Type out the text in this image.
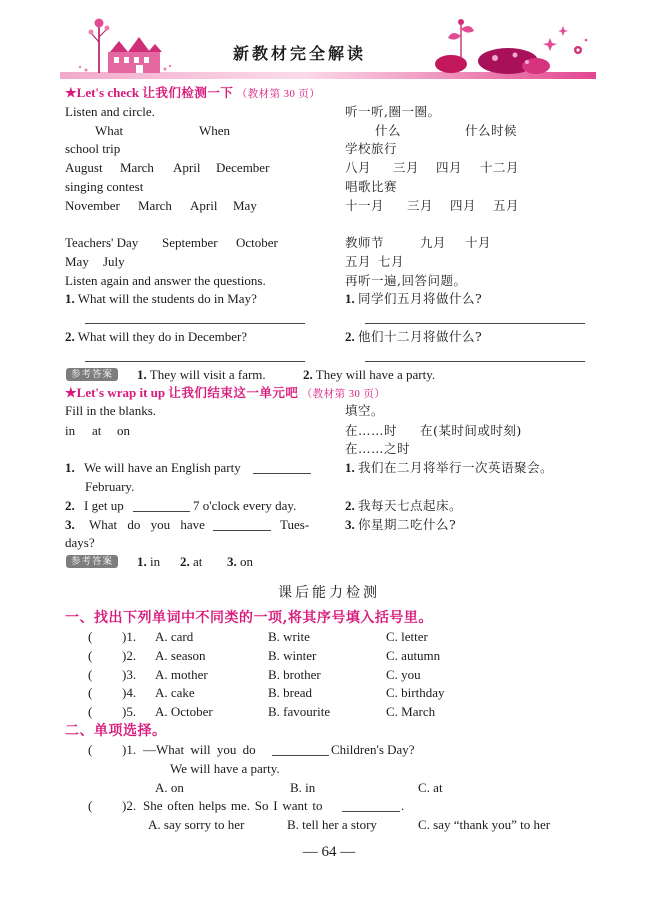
新教材完全解读
★Let's check 让我们检测一下 （教材第 30 页）
Listen and circle.	听一听,圈一圈。
What	When	什么	什么时候
school trip	学校旅行
August March April December	八月 三月 四月 十二月
singing contest	唱歌比赛
November March April May	十一月 三月 四月 五月
Teachers' Day September October	教师节	九月 十月
May July	五月 七月
Listen again and answer the questions.	再听一遍,回答问题。
1. What will the students do in May?	1. 同学们五月将做什么?
2. What will they do in December?	2. 他们十二月将做什么?
参考答案	1. They will visit a farm.	2. They will have a party.
★Let's wrap it up 让我们结束这一单元吧 （教材第 30 页）
Fill in the blanks.	填空。
in at on	在……时 在(某时间或时刻)
在……之时
1. We will have an English party
February.
1. 我们在二月将举行一次英语聚会。
2. I get up	7 o'clock every day.	2. 我每天七点起床。
3. What do you have	Tues-
days?
3. 你星期二吃什么?
参考答案	1. in 2. at 3. on
课后能力检测
一、找出下列单词中不同类的一项,将其序号填入括号里。
( )1. A. card	B. write	C. letter
( )2. A. season	B. winter	C. autumn
( )3. A. mother	B. brother	C. you
( )4. A. cake	B. bread	C. birthday
( )5. A. October	B. favourite	C. March
二、单项选择。
( )1. —What will you do	Children's Day?
We will have a party.
A. on	B. in	C. at
( )2. She often helps me. So I want to	.
A. say sorry to her	B. tell her a story	C. say “thank you” to her
— 64 —
